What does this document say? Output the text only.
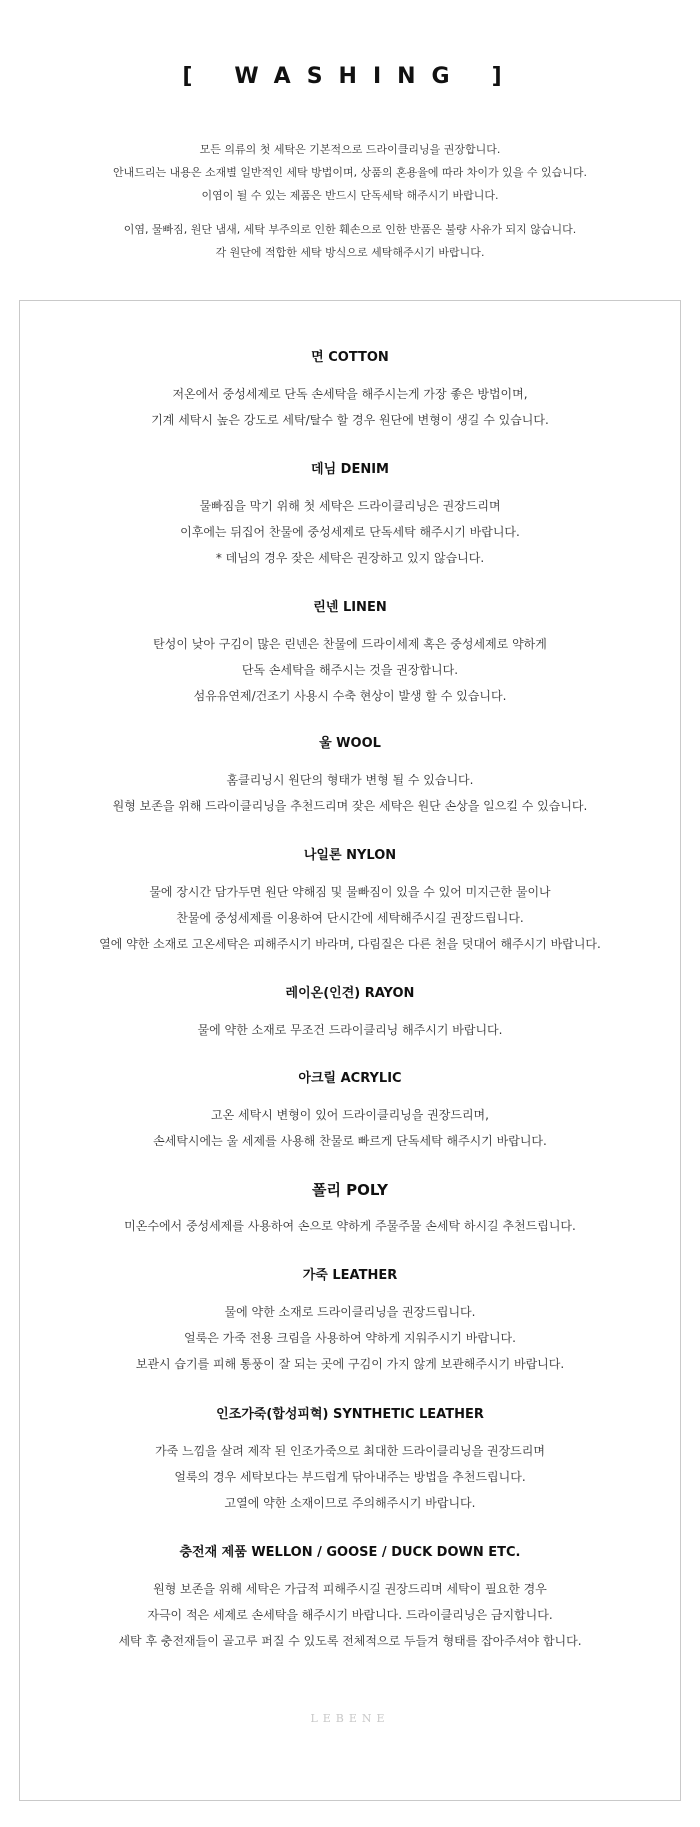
[ WASHING ]

모든 의류의 첫 세탁은 기본적으로 드라이클리닝을 권장합니다.

안내드리는 내용은 소재별 일반적인 세탁 방법이며, 상품의 혼용율에 따라 차이가 있을 수 있습니다.

이염이 될 수 있는 제품은 반드시 단독세탁 해주시기 바랍니다.

이염, 물빠짐, 원단 냄새, 세탁 부주의로 인한 훼손으로 인한 반품은 불량 사유가 되지 않습니다.

각 원단에 적합한 세탁 방식으로 세탁해주시기 바랍니다.

면 COTTON

저온에서 중성세제로 단독 손세탁을 해주시는게 가장 좋은 방법이며,

기계 세탁시 높은 강도로 세탁/탈수 할 경우 원단에 변형이 생길 수 있습니다.

데님 DENIM

물빠짐을 막기 위해 첫 세탁은 드라이클리닝은 권장드리며

이후에는 뒤집어 찬물에 중성세제로 단독세탁 해주시기 바랍니다.

* 데님의 경우 잦은 세탁은 권장하고 있지 않습니다.

린넨 LINEN

탄성이 낮아 구김이 많은 린넨은 찬물에 드라이세제 혹은 중성세제로 약하게

단독 손세탁을 해주시는 것을 권장합니다.

섬유유연제/건조기 사용시 수축 현상이 발생 할 수 있습니다.

울 WOOL

홈클리닝시 원단의 형태가 변형 될 수 있습니다.

원형 보존을 위해 드라이클리닝을 추천드리며 잦은 세탁은 원단 손상을 일으킬 수 있습니다.

나일론 NYLON

물에 장시간 담가두면 원단 약해짐 및 물빠짐이 있을 수 있어 미지근한 물이나

찬물에 중성세제를 이용하여 단시간에 세탁해주시길 권장드립니다.

열에 약한 소재로 고온세탁은 피해주시기 바라며, 다림질은 다른 천을 덧대어 해주시기 바랍니다.

레이온(인견) RAYON

물에 약한 소재로 무조건 드라이클리닝 해주시기 바랍니다.

아크릴 ACRYLIC

고온 세탁시 변형이 있어 드라이클리닝을 권장드리며,

손세탁시에는 울 세제를 사용해 찬물로 빠르게 단독세탁 해주시기 바랍니다.

폴리 POLY

미온수에서 중성세제를 사용하여 손으로 약하게 주물주물 손세탁 하시길 추천드립니다.

가죽 LEATHER

물에 약한 소재로 드라이클리닝을 권장드립니다.

얼룩은 가죽 전용 크림을 사용하여 약하게 지워주시기 바랍니다.

보관시 습기를 피해 통풍이 잘 되는 곳에 구김이 가지 않게 보관해주시기 바랍니다.

인조가죽(합성피혁) SYNTHETIC LEATHER

가죽 느낌을 살려 제작 된 인조가죽으로 최대한 드라이클리닝을 권장드리며

얼룩의 경우 세탁보다는 부드럽게 닦아내주는 방법을 추천드립니다.

고열에 약한 소재이므로 주의해주시기 바랍니다.

충전재 제품 WELLON / GOOSE / DUCK DOWN ETC.

원형 보존을 위해 세탁은 가급적 피해주시길 권장드리며 세탁이 필요한 경우

자극이 적은 세제로 손세탁을 해주시기 바랍니다. 드라이클리닝은 금지합니다.

세탁 후 충전재들이 골고루 퍼질 수 있도록 전체적으로 두들겨 형태를 잡아주셔야 합니다.

LEBENE
